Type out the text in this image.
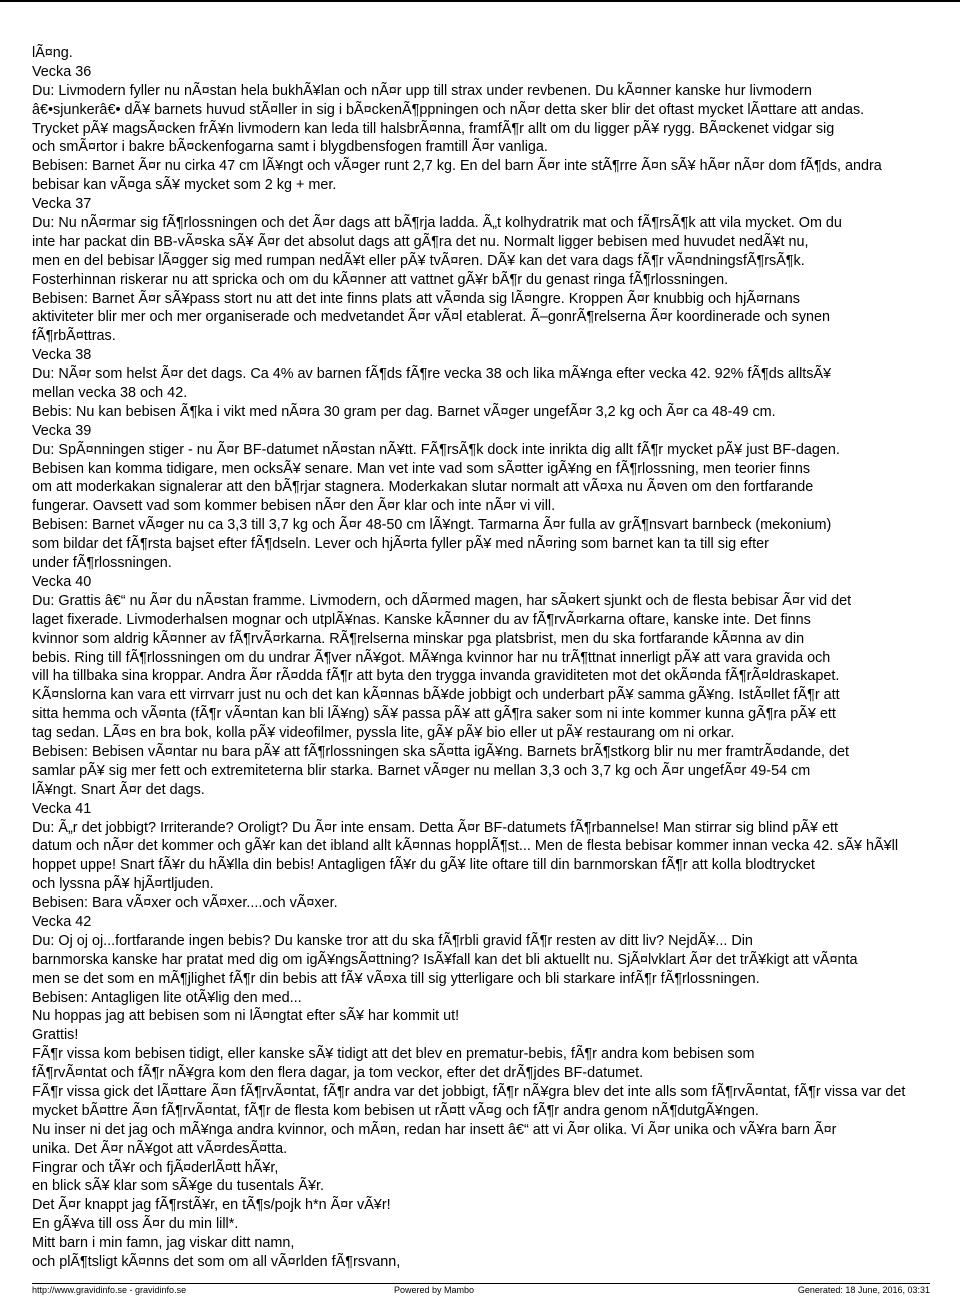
lÃ¤ng.
Vecka 36
Du: Livmodern fyller nu nÃ¤stan hela bukhÃ¥lan och nÃ¤r upp till strax under revbenen. Du kÃ¤nner kanske hur livmodern
â€•sjunkerâ€• dÃ¥ barnets huvud stÃ¤ller in sig i bÃ¤ckenÃ¶ppningen och nÃ¤r detta sker blir det oftast mycket lÃ¤ttare att andas.
Trycket pÃ¥ magsÃ¤cken frÃ¥n livmodern kan leda till halsbrÃ¤nna, framfÃ¶r allt om du ligger pÃ¥ rygg. BÃ¤ckenet vidgar sig
och smÃ¤rtor i bakre bÃ¤ckenfogarna samt i blygdbensfogen framtill Ã¤r vanliga.
Bebisen: Barnet Ã¤r nu cirka 47 cm lÃ¥ngt och vÃ¤ger runt 2,7 kg. En del barn Ã¤r inte stÃ¶rre Ã¤n sÃ¥ hÃ¤r nÃ¤r dom fÃ¶ds, andra
bebisar kan vÃ¤ga sÃ¥ mycket som 2 kg + mer.
Vecka 37
Du: Nu nÃ¤rmar sig fÃ¶rlossningen och det Ã¤r dags att bÃ¶rja ladda. Ã„t kolhydratrik mat och fÃ¶rsÃ¶k att vila mycket. Om du
inte har packat din BB-vÃ¤ska sÃ¥ Ã¤r det absolut dags att gÃ¶ra det nu. Normalt ligger bebisen med huvudet nedÃ¥t nu,
men en del bebisar lÃ¤gger sig med rumpan nedÃ¥t eller pÃ¥ tvÃ¤ren. DÃ¥ kan det vara dags fÃ¶r vÃ¤ndningsfÃ¶rsÃ¶k.
Fosterhinnan riskerar nu att spricka och om du kÃ¤nner att vattnet gÃ¥r bÃ¶r du genast ringa fÃ¶rlossningen.
Bebisen: Barnet Ã¤r sÃ¥pass stort nu att det inte finns plats att vÃ¤nda sig lÃ¤ngre. Kroppen Ã¤r knubbig och hjÃ¤rnans
aktiviteter blir mer och mer organiserade och medvetandet Ã¤r vÃ¤l etablerat. Ã–gonrÃ¶relserna Ã¤r koordinerade och synen
fÃ¶rbÃ¤ttras.
Vecka 38
Du: NÃ¤r som helst Ã¤r det dags. Ca 4% av barnen fÃ¶ds fÃ¶re vecka 38 och lika mÃ¥nga efter vecka 42. 92% fÃ¶ds alltsÃ¥
mellan vecka 38 och 42.
Bebis: Nu kan bebisen Ã¶ka i vikt med nÃ¤ra 30 gram per dag. Barnet vÃ¤ger ungefÃ¤r 3,2 kg och Ã¤r ca 48-49 cm.
Vecka 39
Du: SpÃ¤nningen stiger - nu Ã¤r BF-datumet nÃ¤stan nÃ¥tt. FÃ¶rsÃ¶k dock inte inrikta dig allt fÃ¶r mycket pÃ¥ just BF-dagen.
Bebisen kan komma tidigare, men ocksÃ¥ senare. Man vet inte vad som sÃ¤tter igÃ¥ng en fÃ¶rlossning, men teorier finns
om att moderkakan signalerar att den bÃ¶rjar stagnera. Moderkakan slutar normalt att vÃ¤xa nu Ã¤ven om den fortfarande
fungerar. Oavsett vad som kommer bebisen nÃ¤r den Ã¤r klar och inte nÃ¤r vi vill.
Bebisen: Barnet vÃ¤ger nu ca 3,3 till 3,7 kg och Ã¤r 48-50 cm lÃ¥ngt. Tarmarna Ã¤r fulla av grÃ¶nsvart barnbeck (mekonium)
som bildar det fÃ¶rsta bajset efter fÃ¶dseln. Lever och hjÃ¤rta fyller pÃ¥ med nÃ¤ring som barnet kan ta till sig efter
under fÃ¶rlossningen.
Vecka 40
Du: Grattis â€“ nu Ã¤r du nÃ¤stan framme. Livmodern, och dÃ¤rmed magen, har sÃ¤kert sjunkt och de flesta bebisar Ã¤r vid det
laget fixerade. Livmoderhalsen mognar och utplÃ¥nas. Kanske kÃ¤nner du av fÃ¶rvÃ¤rkarna oftare, kanske inte. Det finns
kvinnor som aldrig kÃ¤nner av fÃ¶rvÃ¤rkarna. RÃ¶relserna minskar pga platsbrist, men du ska fortfarande kÃ¤nna av din
bebis. Ring till fÃ¶rlossningen om du undrar Ã¶ver nÃ¥got. MÃ¥nga kvinnor har nu trÃ¶ttnat innerligt pÃ¥ att vara gravida och
vill ha tillbaka sina kroppar. Andra Ã¤r rÃ¤dda fÃ¶r att byta den trygga invanda graviditeten mot det okÃ¤nda fÃ¶rÃ¤ldraskapet.
KÃ¤nslorna kan vara ett virrvarr just nu och det kan kÃ¤nnas bÃ¥de jobbigt och underbart pÃ¥ samma gÃ¥ng. IstÃ¤llet fÃ¶r att
sitta hemma och vÃ¤nta (fÃ¶r vÃ¤ntan kan bli lÃ¥ng) sÃ¥ passa pÃ¥ att gÃ¶ra saker som ni inte kommer kunna gÃ¶ra pÃ¥ ett
tag sedan. LÃ¤s en bra bok, kolla pÃ¥ videofilmer, pyssla lite, gÃ¥ pÃ¥ bio eller ut pÃ¥ restaurang om ni orkar.
Bebisen: Bebisen vÃ¤ntar nu bara pÃ¥ att fÃ¶rlossningen ska sÃ¤tta igÃ¥ng. Barnets brÃ¶stkorg blir nu mer framtrÃ¤dande, det
samlar pÃ¥ sig mer fett och extremiteterna blir starka. Barnet vÃ¤ger nu mellan 3,3 och 3,7 kg och Ã¤r ungefÃ¤r 49-54 cm
lÃ¥ngt. Snart Ã¤r det dags.
Vecka 41
Du: Ã„r det jobbigt? Irriterande? Oroligt? Du Ã¤r inte ensam. Detta Ã¤r BF-datumets fÃ¶rbannelse! Man stirrar sig blind pÃ¥ ett
datum och nÃ¤r det kommer och gÃ¥r kan det ibland allt kÃ¤nnas hopplÃ¶st... Men de flesta bebisar kommer innan vecka 42. sÃ¥ hÃ¥ll
hoppet uppe! Snart fÃ¥r du hÃ¥lla din bebis! Antagligen fÃ¥r du gÃ¥ lite oftare till din barnmorskan fÃ¶r att kolla blodtrycket
och lyssna pÃ¥ hjÃ¤rtljuden.
Bebisen: Bara vÃ¤xer och vÃ¤xer....och vÃ¤xer.
Vecka 42
Du: Oj oj oj...fortfarande ingen bebis? Du kanske tror att du ska fÃ¶rbli gravid fÃ¶r resten av ditt liv? NejdÃ¥... Din
barnmorska kanske har pratat med dig om igÃ¥ngsÃ¤ttning? IsÃ¥fall kan det bli aktuellt nu. SjÃ¤lvklart Ã¤r det trÃ¥kigt att vÃ¤nta
men se det som en mÃ¶jlighet fÃ¶r din bebis att fÃ¥ vÃ¤xa till sig ytterligare och bli starkare infÃ¶r fÃ¶rlossningen.
Bebisen: Antagligen lite otÃ¥lig den med...
Nu hoppas jag att bebisen som ni lÃ¤ngtat efter sÃ¥ har kommit ut!
Grattis!
FÃ¶r vissa kom bebisen tidigt, eller kanske sÃ¥ tidigt att det blev en prematur-bebis, fÃ¶r andra kom bebisen som
fÃ¶rvÃ¤ntat och fÃ¶r nÃ¥gra kom den flera dagar, ja tom veckor, efter det drÃ¶jdes BF-datumet.
FÃ¶r vissa gick det lÃ¤ttare Ã¤n fÃ¶rvÃ¤ntat, fÃ¶r andra var det jobbigt, fÃ¶r nÃ¥gra blev det inte alls som fÃ¶rvÃ¤ntat, fÃ¶r vissa var det
mycket bÃ¤ttre Ã¤n fÃ¶rvÃ¤ntat, fÃ¶r de flesta kom bebisen ut rÃ¤tt vÃ¤g och fÃ¶r andra genom nÃ¶dutgÃ¥ngen.
Nu inser ni det jag och mÃ¥nga andra kvinnor, och mÃ¤n, redan har insett â€“ att vi Ã¤r olika. Vi Ã¤r unika och vÃ¥ra barn Ã¤r
unika. Det Ã¤r nÃ¥got att vÃ¤rdesÃ¤tta.
Fingrar och tÃ¥r och fjÃ¤derlÃ¤tt hÃ¥r,
en blick sÃ¥ klar som sÃ¥ge du tusentals Ã¥r.
Det Ã¤r knappt jag fÃ¶rstÃ¥r, en tÃ¶s/pojk h*n Ã¤r vÃ¥r!
En gÃ¥va till oss Ã¤r du min lill*.
Mitt barn i min famn, jag viskar ditt namn,
och plÃ¶tsligt kÃ¤nns det som om all vÃ¤rlden fÃ¶rsvann,
http://www.gravidinfo.se - gravidinfo.se	Powered by Mambo	Generated: 18 June, 2016, 03:31
